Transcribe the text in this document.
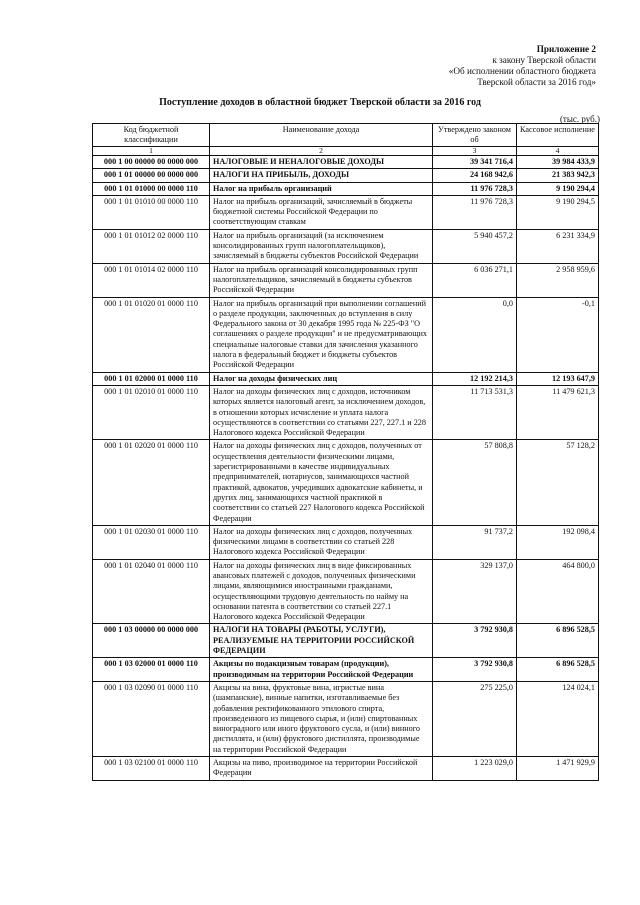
Приложение 2
к закону Тверской области
«Об исполнении областного бюджета
Тверской области за 2016 год»
Поступление доходов в областной бюджет Тверской области за 2016 год
(тыс. руб.)
Код бюджетной классификации	Наименование дохода	Утверждено законом об	Кассовое исполнение
1	2	3	4
000 1 00 00000 00 0000 000	НАЛОГОВЫЕ И НЕНАЛОГОВЫЕ ДОХОДЫ	39 341 716,4	39 984 433,9
000 1 01 00000 00 0000 000	НАЛОГИ НА ПРИБЫЛЬ, ДОХОДЫ	24 168 942,6	21 383 942,3
000 1 01 01000 00 0000 110	Налог на прибыль организаций	11 976 728,3	9 190 294,4
000 1 01 01010 00 0000 110	Налог на прибыль организаций, зачисляемый в бюджеты бюджетной системы Российской Федерации по соответствующим ставкам	11 976 728,3	9 190 294,5
000 1 01 01012 02 0000 110	Налог на прибыль организаций (за исключением консолидированных групп налогоплательщиков), зачисляемый в бюджеты субъектов Российской Федерации	5 940 457,2	6 231 334,9
000 1 01 01014 02 0000 110	Налог на прибыль организаций консолидированных групп налогоплательщиков, зачисляемый в бюджеты субъектов Российской Федерации	6 036 271,1	2 958 959,6
000 1 01 01020 01 0000 110	Налог на прибыль организаций при выполнении соглашений о разделе продукции, заключенных до вступления в силу Федерального закона от 30 декабря 1995 года № 225-ФЗ "О соглашениях о разделе продукции" и не предусматривающих специальные налоговые ставки для зачисления указанного налога в федеральный бюджет и бюджеты субъектов Российской Федерации	0,0	-0,1
000 1 01 02000 01 0000 110	Налог на доходы физических лиц	12 192 214,3	12 193 647,9
000 1 01 02010 01 0000 110	Налог на доходы физических лиц с доходов, источником которых является налоговый агент, за исключением доходов, в отношении которых исчисление и уплата налога осуществляются в соответствии со статьями 227, 227.1 и 228 Налогового кодекса Российской Федерации	11 713 531,3	11 479 621,3
000 1 01 02020 01 0000 110	Налог на доходы физических лиц с доходов, полученных от осуществления деятельности физическими лицами, зарегистрированными в качестве индивидуальных предпринимателей, нотариусов, занимающихся частной практикой, адвокатов, учредивших адвокатские кабинеты, и других лиц, занимающихся частной практикой в соответствии со статьей 227 Налогового кодекса Российской Федерации	57 808,8	57 128,2
000 1 01 02030 01 0000 110	Налог на доходы физических лиц с доходов, полученных физическими лицами в соответствии со статьей 228 Налогового кодекса Российской Федерации	91 737,2	192 098,4
000 1 01 02040 01 0000 110	Налог на доходы физических лиц в виде фиксированных авансовых платежей с доходов, полученных физическими лицами, являющимися иностранными гражданами, осуществляющими трудовую деятельность по найму на основании патента в соответствии со статьей 227.1 Налогового кодекса Российской Федерации	329 137,0	464 800,0
000 1 03 00000 00 0000 000	НАЛОГИ НА ТОВАРЫ (РАБОТЫ, УСЛУГИ), РЕАЛИЗУЕМЫЕ НА ТЕРРИТОРИИ РОССИЙСКОЙ ФЕДЕРАЦИИ	3 792 930,8	6 896 528,5
000 1 03 02000 01 0000 110	Акцизы по подакцизным товарам (продукции), производимым на территории Российской Федерации	3 792 930,8	6 896 528,5
000 1 03 02090 01 0000 110	Акцизы на вина, фруктовые вина, игристые вина (шампанские), винные напитки, изготавливаемые без добавления ректификованного этилового спирта, произведенного из пищевого сырья, и (или) спиртованных виноградного или иного фруктового сусла, и (или) винного дистиллята, и (или) фруктового дистиллята, производимые на территории Российской Федерации	275 225,0	124 024,1
000 1 03 02100 01 0000 110	Акцизы на пиво, производимое на территории Российской Федерации	1 223 029,0	1 471 929,9
